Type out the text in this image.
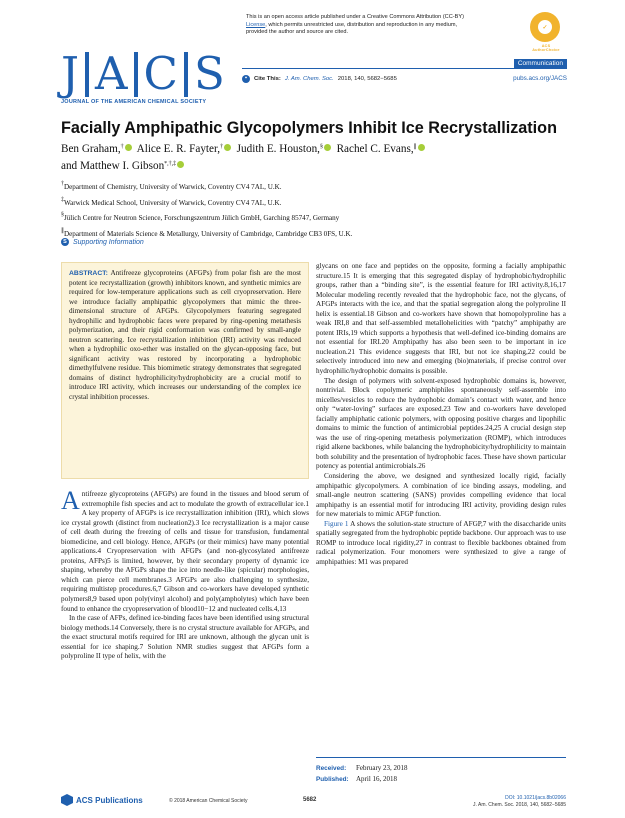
This is an open access article published under a Creative Commons Attribution (CC-BY)
License, which permits unrestricted use, distribution and reproduction in any medium,
provided the author and source are cited.
✓
ACS AuthorChoice
J A C S
JOURNAL OF THE AMERICAN CHEMICAL SOCIETY
Communication
❝	Cite This: J. Am. Chem. Soc. 2018, 140, 5682−5685	pubs.acs.org/JACS
Facially Amphipathic Glycopolymers Inhibit Ice Recrystallization
Ben Graham,† Alice E. R. Fayter,† Judith E. Houston,§ Rachel C. Evans,∥
and Matthew I. Gibson*,†,‡
†Department of Chemistry, University of Warwick, Coventry CV4 7AL, U.K.
‡Warwick Medical School, University of Warwick, Coventry CV4 7AL, U.K.
§Jülich Centre for Neutron Science, Forschungszentrum Jülich GmbH, Garching 85747, Germany
∥Department of Materials Science & Metallurgy, University of Cambridge, Cambridge CB3 0FS, U.K.
S Supporting Information
ABSTRACT: Antifreeze glycoproteins (AFGPs) from polar fish are the most potent ice recrystallization (growth) inhibitors known, and synthetic mimics are required for low-temperature applications such as cell cryopreservation. Here we introduce facially amphipathic glycopolymers that mimic the three-dimensional structure of AFGPs. Glycopolymers featuring segregated hydrophilic and hydrophobic faces were prepared by ring-opening metathesis polymerization, and their rigid conformation was confirmed by small-angle neutron scattering. Ice recrystallization inhibition (IRI) activity was reduced when a hydrophilic oxo-ether was installed on the glycan-opposing face, but significant activity was restored by incorporating a hydrophobic dimethylfulvene residue. This biomimetic strategy demonstrates that segregated domains of distinct hydrophilicity/hydrophobicity are a crucial motif to introduce IRI activity, which increases our understanding of the complex ice crystal inhibition processes.

Antifreeze glycoproteins (AFGPs) are found in the tissues and blood serum of extremophile fish species and act to modulate the growth of extracellular ice.1 A key property of AFGPs is ice recrystallization inhibition (IRI), which slows ice crystal growth (distinct from nucleation2).3 Ice recrystallization is a major cause of cell death during the freezing of cells and tissue for transfusion, fundamental biomedicine, and cell biology. Hence, AFGPs (or their mimics) have many potential applications.4 Cryopreservation with AFGPs (and non-glycosylated antifreeze proteins, AFPs)5 is limited, however, by their secondary property of dynamic ice shaping, whereby the AFGPs shape the ice into needle-like (spicular) morphologies, which can pierce cell membranes.3 AFGPs are also challenging to synthesize, requiring multistep procedures.6,7 Gibson and co-workers have developed synthetic polymers8,9 based upon poly(vinyl alcohol) and poly(ampholytes) which have been found to enhance the cryopreservation of blood10−12 and nucleated cells.4,13

In the case of AFPs, defined ice-binding faces have been identified using structural biology methods.14 Conversely, there is no crystal structure available for AFGPs, and the exact structural motifs required for IRI are unknown, although the glycan unit is essential for ice shaping.7 Solution NMR studies suggest that AFGPs form a polyproline II type of helix, with the

glycans on one face and peptides on the opposite, forming a facially amphipathic structure.15 It is emerging that this segregated display of hydrophobic/hydrophilic groups, rather than a “binding site”, is the essential feature for IRI activity.8,16,17 Molecular modeling recently revealed that the hydrophobic face, not the glycans, of AFGPs interacts with the ice, and that the spatial segregation along the polyproline II helix is essential.18 Gibson and co-workers have shown that homopolyproline has a weak IRI,8 and that self-assembled metallohelicities with “patchy” amphipathy are potent IRIs,19 which supports a hypothesis that well-defined ice-binding domains are not essential for IRI.20 Amphipathy has also been seen to be important in ice nucleation.21 This evidence suggests that IRI, but not ice shaping,22 could be selectively introduced into new and emerging (bio)materials, if precise control over hydrophilic/hydrophobic domains is possible.

The design of polymers with solvent-exposed hydrophobic domains is, however, nontrivial. Block copolymeric amphiphiles spontaneously self-assemble into micelles/vesicles to reduce the hydrophobic domain’s contact with water, and hence only “water-loving” surfaces are exposed.23 Tew and co-workers have developed facially amphiphatic cationic polymers, with opposing positive charges and lipophilic domains to mimic the function of antimicrobial peptides.24,25 A crucial design step was the use of ring-opening metathesis polymerization (ROMP), which introduces rigid alkene backbones, while balancing the hydrophobicity/hydrophilicity to maintain both solubility and the presentation of hydrophobic faces. These have shown particular potency as potential antimicrobials.26

Considering the above, we designed and synthesized locally rigid, facially amphipathic glycopolymers. A combination of ice binding assays, modeling, and small-angle neutron scattering (SANS) provides compelling evidence that local amphipathy is an essential motif for introducing IRI activity, providing design rules for new materials to mimic AFGP function.

Figure 1 A shows the solution-state structure of AFGP,7 with the disaccharide units spatially segregated from the hydrophobic peptide backbone. Our approach was to use ROMP to introduce local rigidity,27 in contrast to flexible backbones obtained from radical polymerization. Four monomers were synthesized to give a range of amphipathies: M1 was prepared

Received: February 23, 2018
Published: April 16, 2018
ACS Publications	© 2018 American Chemical Society	5682	DOI: 10.1021/jacs.8b02066
J. Am. Chem. Soc. 2018, 140, 5682−5685
